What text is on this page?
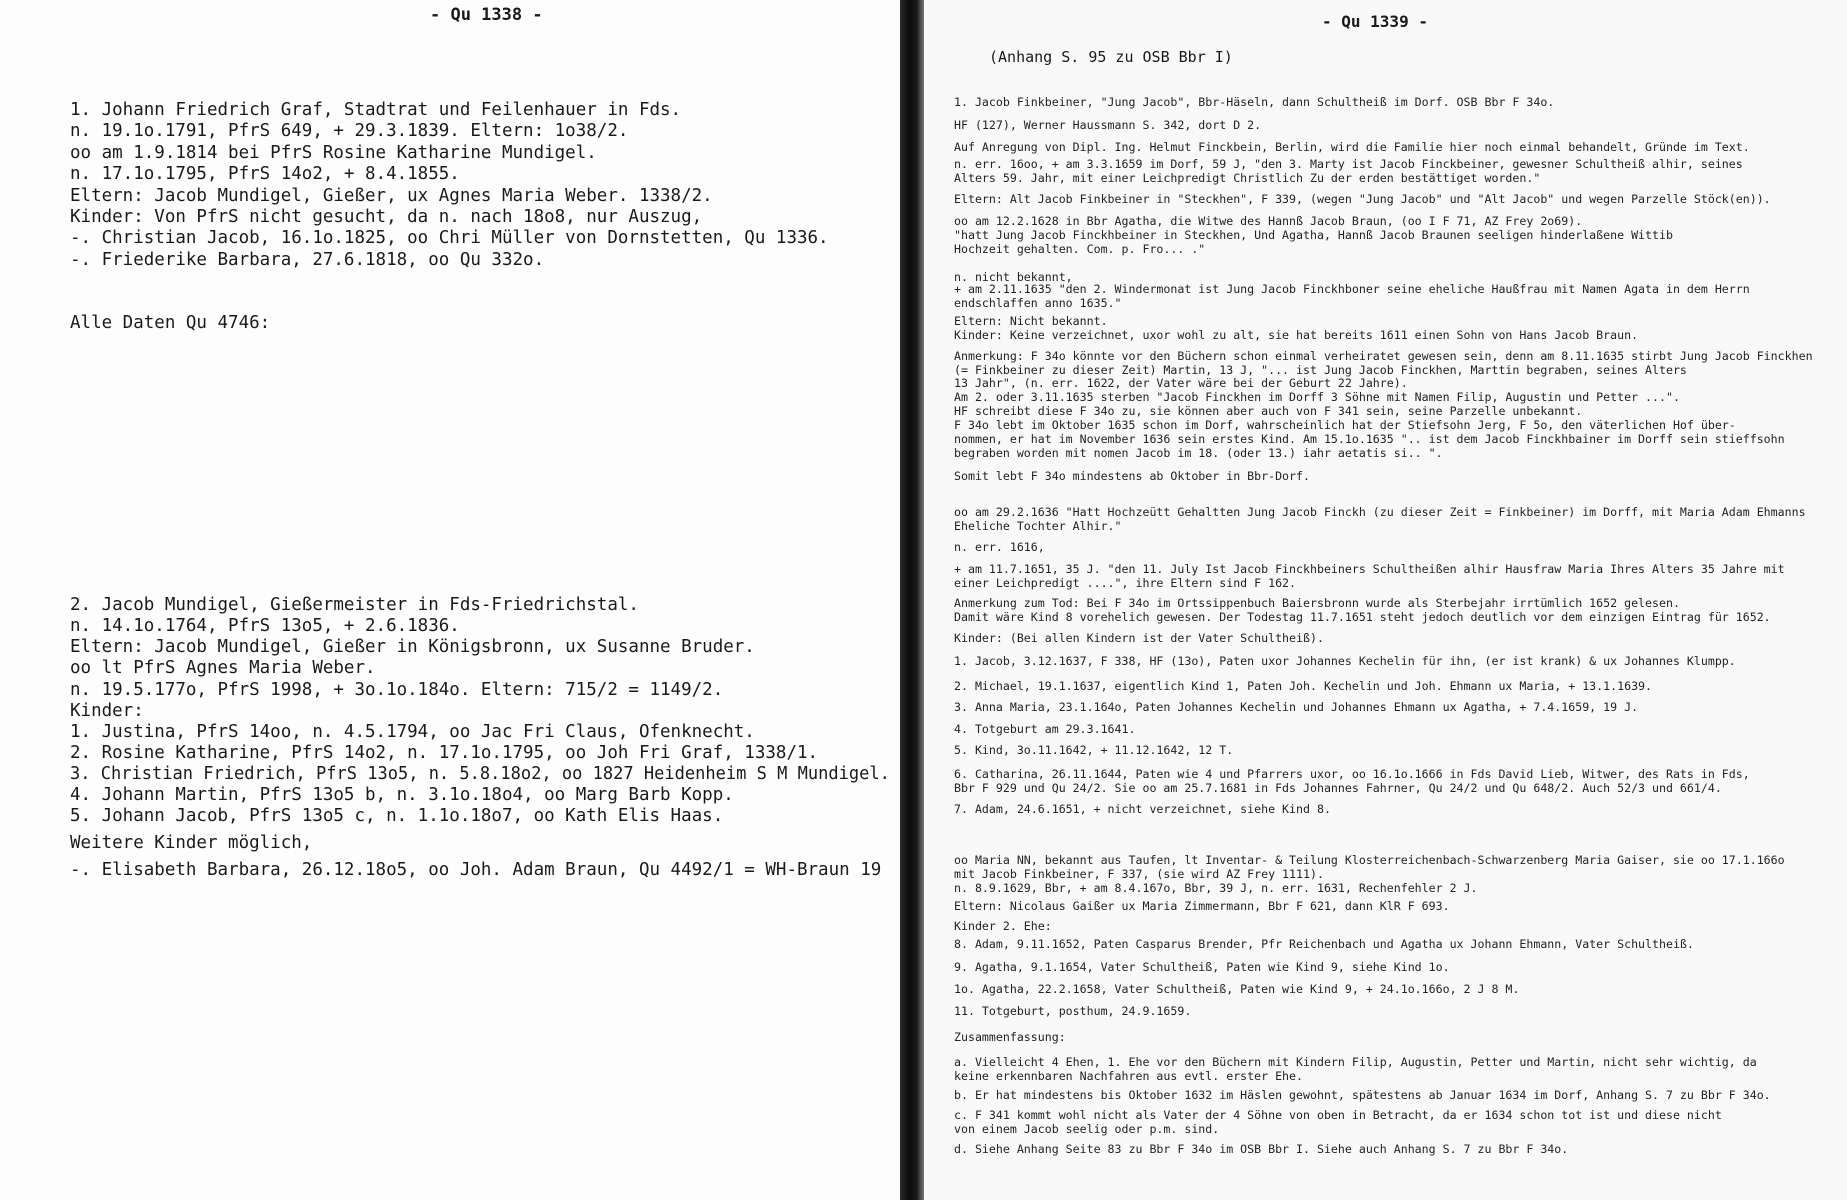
- Qu 1338 -
1. Johann Friedrich Graf, Stadtrat und Feilenhauer in Fds.
n. 19.1o.1791, PfrS 649, + 29.3.1839. Eltern: 1o38/2.
oo am 1.9.1814 bei PfrS Rosine Katharine Mundigel.
n. 17.1o.1795, PfrS 14o2, + 8.4.1855.
Eltern: Jacob Mundigel, Gießer, ux Agnes Maria Weber. 1338/2.
Kinder: Von PfrS nicht gesucht, da n. nach 18o8, nur Auszug,
-. Christian Jacob, 16.1o.1825, oo Chri Müller von Dornstetten, Qu 1336.
-. Friederike Barbara, 27.6.1818, oo Qu 332o.
Alle Daten Qu 4746:
2. Jacob Mundigel, Gießermeister in Fds-Friedrichstal.
n. 14.1o.1764, PfrS 13o5, + 2.6.1836.
Eltern: Jacob Mundigel, Gießer in Königsbronn, ux Susanne Bruder.
oo lt PfrS Agnes Maria Weber.
n. 19.5.177o, PfrS 1998, + 3o.1o.184o. Eltern: 715/2 = 1149/2.
Kinder:
1. Justina, PfrS 14oo, n. 4.5.1794, oo Jac Fri Claus, Ofenknecht.
2. Rosine Katharine, PfrS 14o2, n. 17.1o.1795, oo Joh Fri Graf, 1338/1.
3. Christian Friedrich, PfrS 13o5, n. 5.8.18o2, oo 1827 Heidenheim S M Mundigel.
4. Johann Martin, PfrS 13o5 b, n. 3.1o.18o4, oo Marg Barb Kopp.
5. Johann Jacob, PfrS 13o5 c, n. 1.1o.18o7, oo Kath Elis Haas.
Weitere Kinder möglich,
-. Elisabeth Barbara, 26.12.18o5, oo Joh. Adam Braun, Qu 4492/1 = WH-Braun 19
- Qu 1339 -
(Anhang S. 95 zu OSB Bbr I)
1. Jacob Finkbeiner, "Jung Jacob", Bbr-Häseln, dann Schultheiß im Dorf. OSB Bbr F 34o.
HF (127), Werner Haussmann S. 342, dort D 2.
Auf Anregung von Dipl. Ing. Helmut Finckbein, Berlin, wird die Familie hier noch einmal behandelt, Gründe im Text.
n. err. 16oo, + am 3.3.1659 im Dorf, 59 J, "den 3. Marty ist Jacob Finckbeiner, gewesner Schultheiß alhir, seines
Alters 59. Jahr, mit einer Leichpredigt Christlich Zu der erden bestättiget worden."
Eltern: Alt Jacob Finkbeiner in "Steckhen", F 339, (wegen "Jung Jacob" und "Alt Jacob" und wegen Parzelle Stöck(en)).
oo am 12.2.1628 in Bbr Agatha, die Witwe des Hannß Jacob Braun, (oo I F 71, AZ Frey 2o69).
"hatt Jung Jacob Finckhbeiner in Steckhen, Und Agatha, Hannß Jacob Braunen seeligen hinderlaßene Wittib
Hochzeit gehalten. Com. p. Fro... ."
n. nicht bekannt,
+ am 2.11.1635 "den 2. Windermonat ist Jung Jacob Finckhboner seine eheliche Haußfrau mit Namen Agata in dem Herrn
endschlaffen anno 1635."
Eltern: Nicht bekannt.
Kinder: Keine verzeichnet, uxor wohl zu alt, sie hat bereits 1611 einen Sohn von Hans Jacob Braun.
Anmerkung: F 34o könnte vor den Büchern schon einmal verheiratet gewesen sein, denn am 8.11.1635 stirbt Jung Jacob Finckhen
(= Finkbeiner zu dieser Zeit) Martin, 13 J, "... ist Jung Jacob Finckhen, Marttin begraben, seines Alters
13 Jahr", (n. err. 1622, der Vater wäre bei der Geburt 22 Jahre).
Am 2. oder 3.11.1635 sterben "Jacob Finckhen im Dorff 3 Söhne mit Namen Filip, Augustin und Petter ...".
HF schreibt diese F 34o zu, sie können aber auch von F 341 sein, seine Parzelle unbekannt.
F 34o lebt im Oktober 1635 schon im Dorf, wahrscheinlich hat der Stiefsohn Jerg, F 5o, den väterlichen Hof über-
nommen, er hat im November 1636 sein erstes Kind. Am 15.1o.1635 ".. ist dem Jacob Finckhbainer im Dorff sein stieffsohn
begraben worden mit nomen Jacob im 18. (oder 13.) iahr aetatis si.. ".
Somit lebt F 34o mindestens ab Oktober in Bbr-Dorf.
oo am 29.2.1636 "Hatt Hochzeütt Gehaltten Jung Jacob Finckh (zu dieser Zeit = Finkbeiner) im Dorff, mit Maria Adam Ehmanns
Eheliche Tochter Alhir."
n. err. 1616,
+ am 11.7.1651, 35 J. "den 11. July Ist Jacob Finckhbeiners Schultheißen alhir Hausfraw Maria Ihres Alters 35 Jahre mit
einer Leichpredigt ....", ihre Eltern sind F 162.
Anmerkung zum Tod: Bei F 34o im Ortssippenbuch Baiersbronn wurde als Sterbejahr irrtümlich 1652 gelesen.
Damit wäre Kind 8 vorehelich gewesen. Der Todestag 11.7.1651 steht jedoch deutlich vor dem einzigen Eintrag für 1652.
Kinder: (Bei allen Kindern ist der Vater Schultheiß).
1. Jacob, 3.12.1637, F 338, HF (13o), Paten uxor Johannes Kechelin für ihn, (er ist krank) & ux Johannes Klumpp.
2. Michael, 19.1.1637, eigentlich Kind 1, Paten Joh. Kechelin und Joh. Ehmann ux Maria, + 13.1.1639.
3. Anna Maria, 23.1.164o, Paten Johannes Kechelin und Johannes Ehmann ux Agatha, + 7.4.1659, 19 J.
4. Totgeburt am 29.3.1641.
5. Kind, 3o.11.1642, + 11.12.1642, 12 T.
6. Catharina, 26.11.1644, Paten wie 4 und Pfarrers uxor, oo 16.1o.1666 in Fds David Lieb, Witwer, des Rats in Fds,
Bbr F 929 und Qu 24/2. Sie oo am 25.7.1681 in Fds Johannes Fahrner, Qu 24/2 und Qu 648/2. Auch 52/3 und 661/4.
7. Adam, 24.6.1651, + nicht verzeichnet, siehe Kind 8.
oo Maria NN, bekannt aus Taufen, lt Inventar- & Teilung Klosterreichenbach-Schwarzenberg Maria Gaiser, sie oo 17.1.166o
mit Jacob Finkbeiner, F 337, (sie wird AZ Frey 1111).
n. 8.9.1629, Bbr, + am 8.4.167o, Bbr, 39 J, n. err. 1631, Rechenfehler 2 J.
Eltern: Nicolaus Gaißer ux Maria Zimmermann, Bbr F 621, dann KlR F 693.
Kinder 2. Ehe:
8. Adam, 9.11.1652, Paten Casparus Brender, Pfr Reichenbach und Agatha ux Johann Ehmann, Vater Schultheiß.
9. Agatha, 9.1.1654, Vater Schultheiß, Paten wie Kind 9, siehe Kind 1o.
1o. Agatha, 22.2.1658, Vater Schultheiß, Paten wie Kind 9, + 24.1o.166o, 2 J 8 M.
11. Totgeburt, posthum, 24.9.1659.
Zusammenfassung:
a. Vielleicht 4 Ehen, 1. Ehe vor den Büchern mit Kindern Filip, Augustin, Petter und Martin, nicht sehr wichtig, da
keine erkennbaren Nachfahren aus evtl. erster Ehe.
b. Er hat mindestens bis Oktober 1632 im Häslen gewohnt, spätestens ab Januar 1634 im Dorf, Anhang S. 7 zu Bbr F 34o.
c. F 341 kommt wohl nicht als Vater der 4 Söhne von oben in Betracht, da er 1634 schon tot ist und diese nicht
von einem Jacob seelig oder p.m. sind.
d. Siehe Anhang Seite 83 zu Bbr F 34o im OSB Bbr I. Siehe auch Anhang S. 7 zu Bbr F 34o.
